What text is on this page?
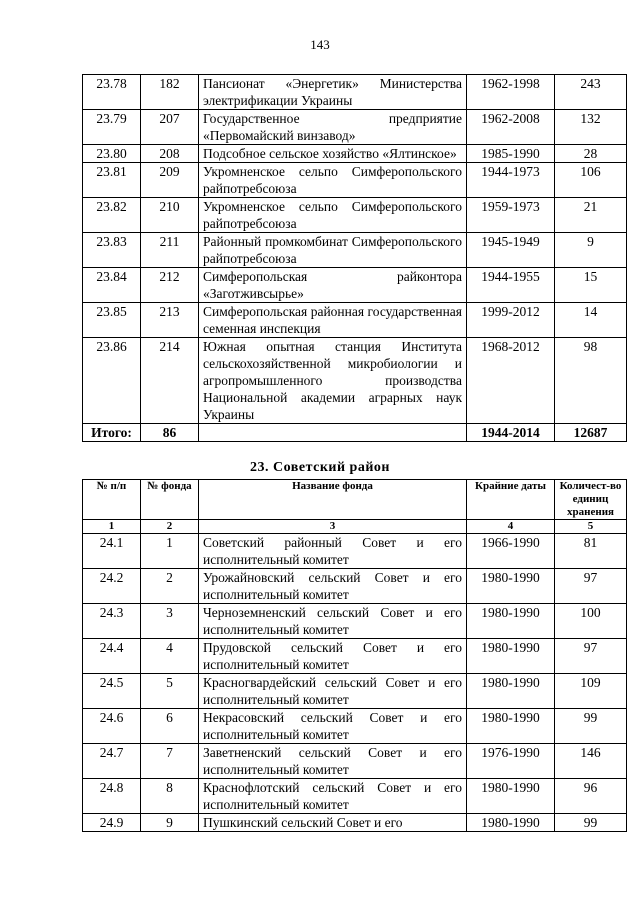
143
23.78	182	Пансионат «Энергетик» Министерства электрификации Украины	1962-1998	243
23.79	207	Государственное предприятие «Первомайский винзавод»	1962-2008	132
23.80	208	Подсобное сельское хозяйство «Ялтинское»	1985-1990	28
23.81	209	Укромненское сельпо Симферопольского райпотребсоюза	1944-1973	106
23.82	210	Укромненское сельпо Симферопольского райпотребсоюза	1959-1973	21
23.83	211	Районный промкомбинат Симферопольского райпотребсоюза	1945-1949	9
23.84	212	Симферопольская райконтора «Заготживсырье»	1944-1955	15
23.85	213	Симферопольская районная государственная семенная инспекция	1999-2012	14
23.86	214	Южная опытная станция Института сельскохозяйственной микробиологии и агропромышленного производства Национальной академии аграрных наук Украины	1968-2012	98
Итого:	86		1944-2014	12687
23. Советский район
№ п/п	№ фонда	Название фонда	Крайние даты	Количест-во единиц хранения
1	2	3	4	5
24.1	1	Советский районный Совет и его исполнительный комитет	1966-1990	81
24.2	2	Урожайновский сельский Совет и его исполнительный комитет	1980-1990	97
24.3	3	Черноземненский сельский Совет и его исполнительный комитет	1980-1990	100
24.4	4	Прудовской сельский Совет и его исполнительный комитет	1980-1990	97
24.5	5	Красногвардейский сельский Совет и его исполнительный комитет	1980-1990	109
24.6	6	Некрасовский сельский Совет и его исполнительный комитет	1980-1990	99
24.7	7	Заветненский сельский Совет и его исполнительный комитет	1976-1990	146
24.8	8	Краснофлотский сельский Совет и его исполнительный комитет	1980-1990	96
24.9	9	Пушкинский сельский Совет и его	1980-1990	99
